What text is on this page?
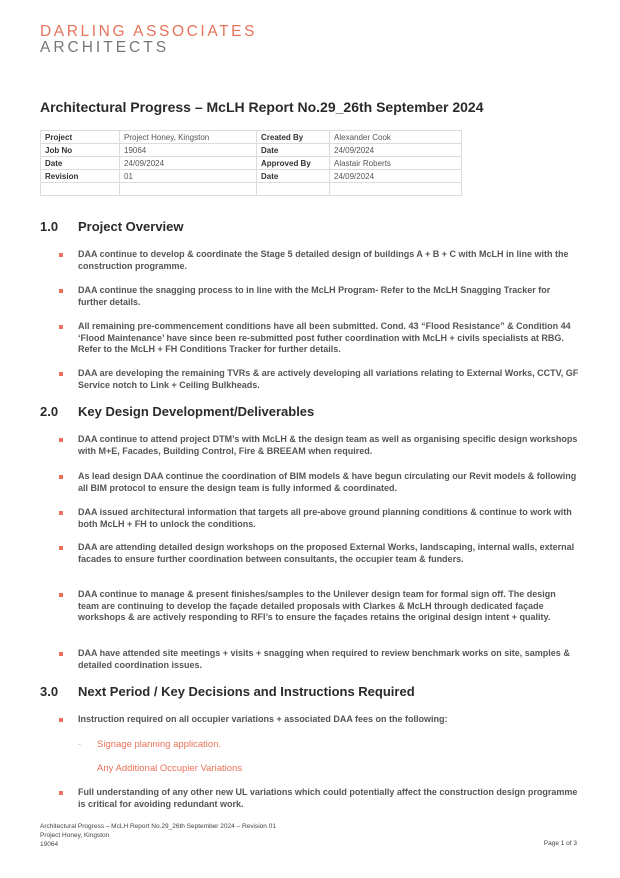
DARLING ASSOCIATES
ARCHITECTS
Architectural Progress – McLH Report No.29_26th September 2024
Project	Project Honey, Kingston	Created By	Alexander Cook
Job No	19064	Date	24/09/2024
Date	24/09/2024	Approved By	Alastair Roberts
Revision	01	Date	24/09/2024

1.0 Project Overview
DAA continue to develop & coordinate the Stage 5 detailed design of buildings A + B + C with McLH in line with the construction programme.
DAA continue the snagging process to in line with the McLH Program- Refer to the McLH Snagging Tracker for further details.
All remaining pre-commencement conditions have all been submitted. Cond. 43 “Flood Resistance” & Condition 44 ‘Flood Maintenance’ have since been re-submitted post futher coordination with McLH + civils specialists at RBG. Refer to the McLH + FH Conditions Tracker for further details.
DAA are developing the remaining TVRs & are actively developing all variations relating to External Works, CCTV, GF Service notch to Link + Ceiling Bulkheads.
2.0 Key Design Development/Deliverables
DAA continue to attend project DTM’s with McLH & the design team as well as organising specific design workshops with M+E, Facades, Building Control, Fire & BREEAM when required.
As lead design DAA continue the coordination of BIM models & have begun circulating our Revit models & following all BIM protocol to ensure the design team is fully informed & coordinated.
DAA issued architectural information that targets all pre-above ground planning conditions & continue to work with both McLH + FH to unlock the conditions.
DAA are attending detailed design workshops on the proposed External Works, landscaping, internal walls, external facades to ensure further coordination between consultants, the occupier team & funders.
DAA continue to manage & present finishes/samples to the Unilever design team for formal sign off. The design team are continuing to develop the façade detailed proposals with Clarkes & McLH through dedicated façade workshops & are actively responding to RFI’s to ensure the façades retains the original design intent + quality.
DAA have attended site meetings + visits + snagging when required to review benchmark works on site, samples & detailed coordination issues.
3.0 Next Period / Key Decisions and Instructions Required
Instruction required on all occupier variations + associated DAA fees on the following:
- Signage planning application.
Any Additional Occupier Variations
Full understanding of any other new UL variations which could potentially affect the construction design programme is critical for avoiding redundant work.
Architectural Progress – McLH Report No.29_26th September 2024 – Revision 01
Project Honey, Kingston
19064	Page 1 of 3
